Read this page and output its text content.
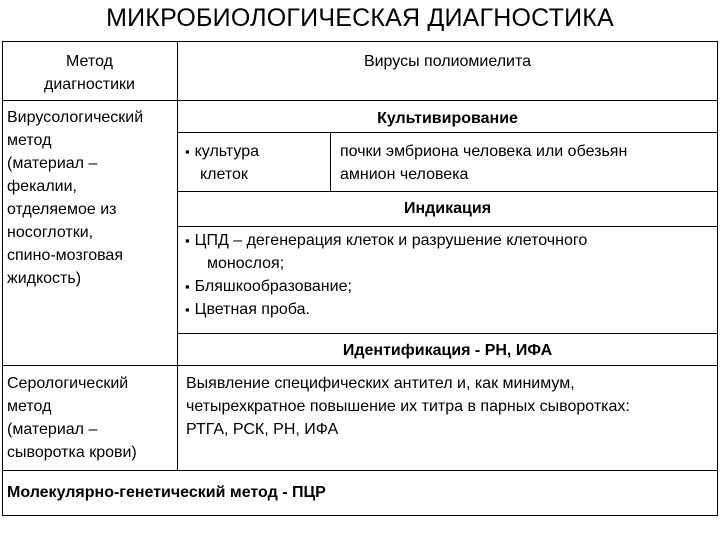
МИКРОБИОЛОГИЧЕСКАЯ ДИАГНОСТИКА
Метод
диагностики
Вирусы полиомиелита
Вирусологический
метод
(материал –
фекалии,
отделяемое из
носоглотки,
спино-мозговая
жидкость)
Культивирование
▪ культура
клеток
почки эмбриона человека или обезьян
амнион человека
Индикация
▪ ЦПД – дегенерация клеток и разрушение клеточного
монослоя;
▪ Бляшкообразование;
▪ Цветная проба.
Идентификация - РН, ИФА
Серологический
метод
(материал –
сыворотка крови)
Выявление специфических антител и, как минимум,
четырехкратное повышение их титра в парных сыворотках:
РТГА, РСК, РН, ИФА
Молекулярно-генетический метод - ПЦР
